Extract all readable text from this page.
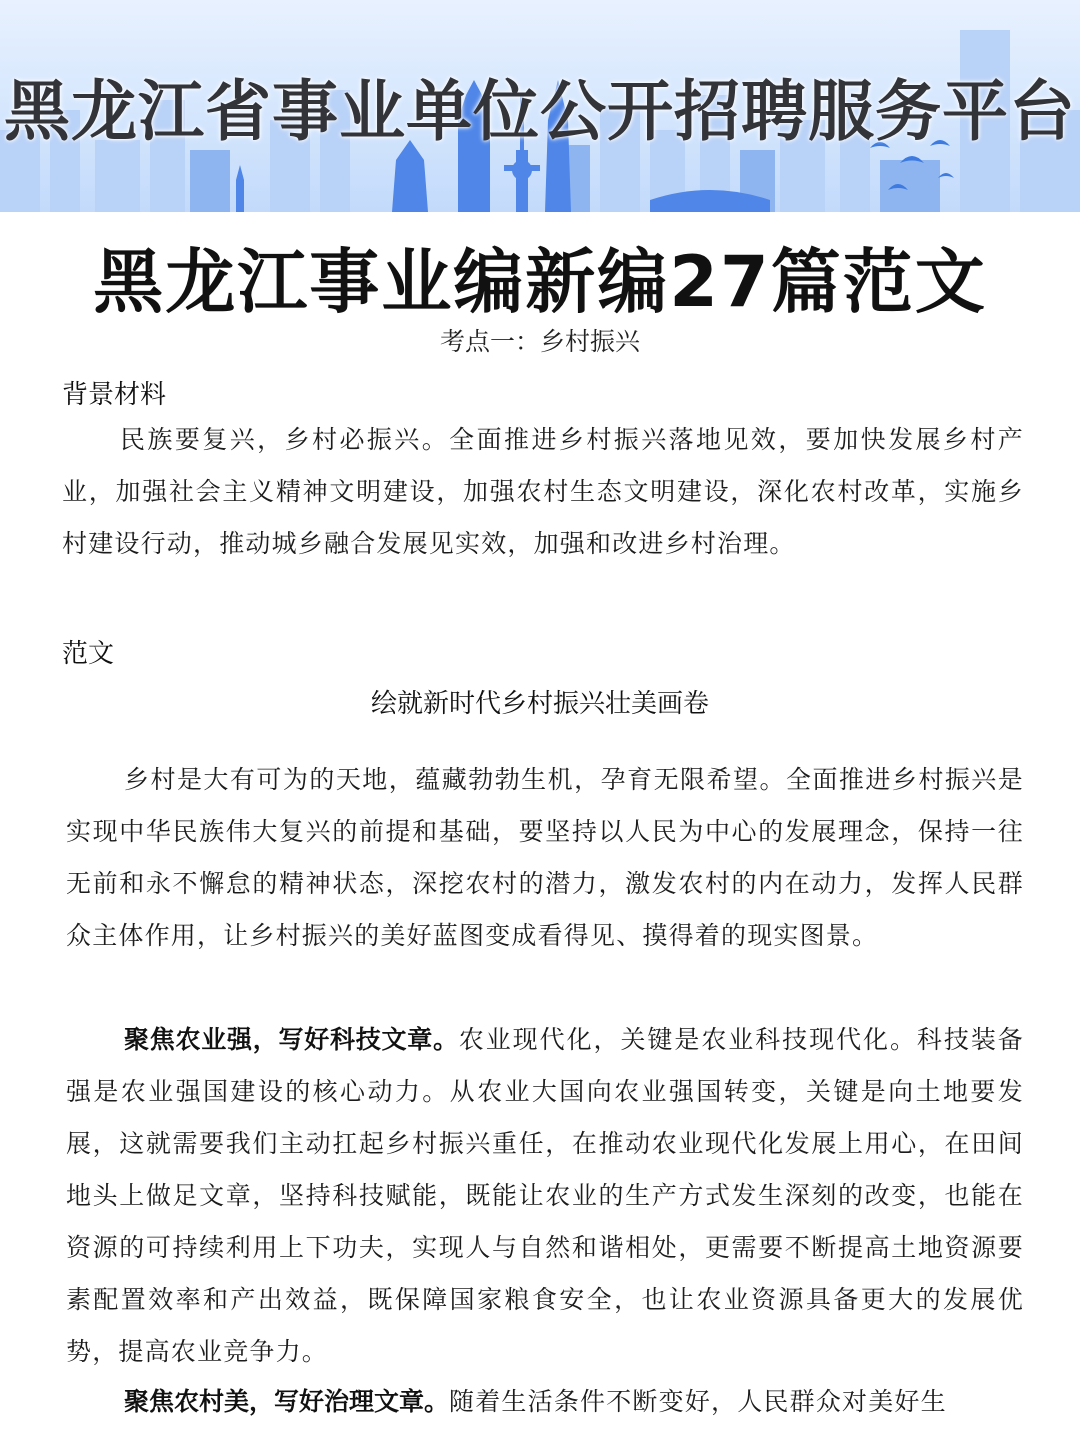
黑龙江省事业单位公开招聘服务平台
黑龙江事业编新编27篇范文
考点一：乡村振兴
背景材料

民族要复兴，乡村必振兴。全面推进乡村振兴落地见效，要加快发展乡村产业，加强社会主义精神文明建设，加强农村生态文明建设，深化农村改革，实施乡村建设行动，推动城乡融合发展见实效，加强和改进乡村治理。

范文
绘就新时代乡村振兴壮美画卷

乡村是大有可为的天地，蕴藏勃勃生机，孕育无限希望。全面推进乡村振兴是实现中华民族伟大复兴的前提和基础，要坚持以人民为中心的发展理念，保持一往无前和永不懈怠的精神状态，深挖农村的潜力，激发农村的内在动力，发挥人民群众主体作用，让乡村振兴的美好蓝图变成看得见、摸得着的现实图景。

聚焦农业强，写好科技文章。农业现代化，关键是农业科技现代化。科技装备强是农业强国建设的核心动力。从农业大国向农业强国转变，关键是向土地要发展，这就需要我们主动扛起乡村振兴重任，在推动农业现代化发展上用心，在田间地头上做足文章，坚持科技赋能，既能让农业的生产方式发生深刻的改变，也能在资源的可持续利用上下功夫，实现人与自然和谐相处，更需要不断提高土地资源要素配置效率和产出效益，既保障国家粮食安全，也让农业资源具备更大的发展优势，提高农业竞争力。

聚焦农村美，写好治理文章。随着生活条件不断变好，人民群众对美好生
